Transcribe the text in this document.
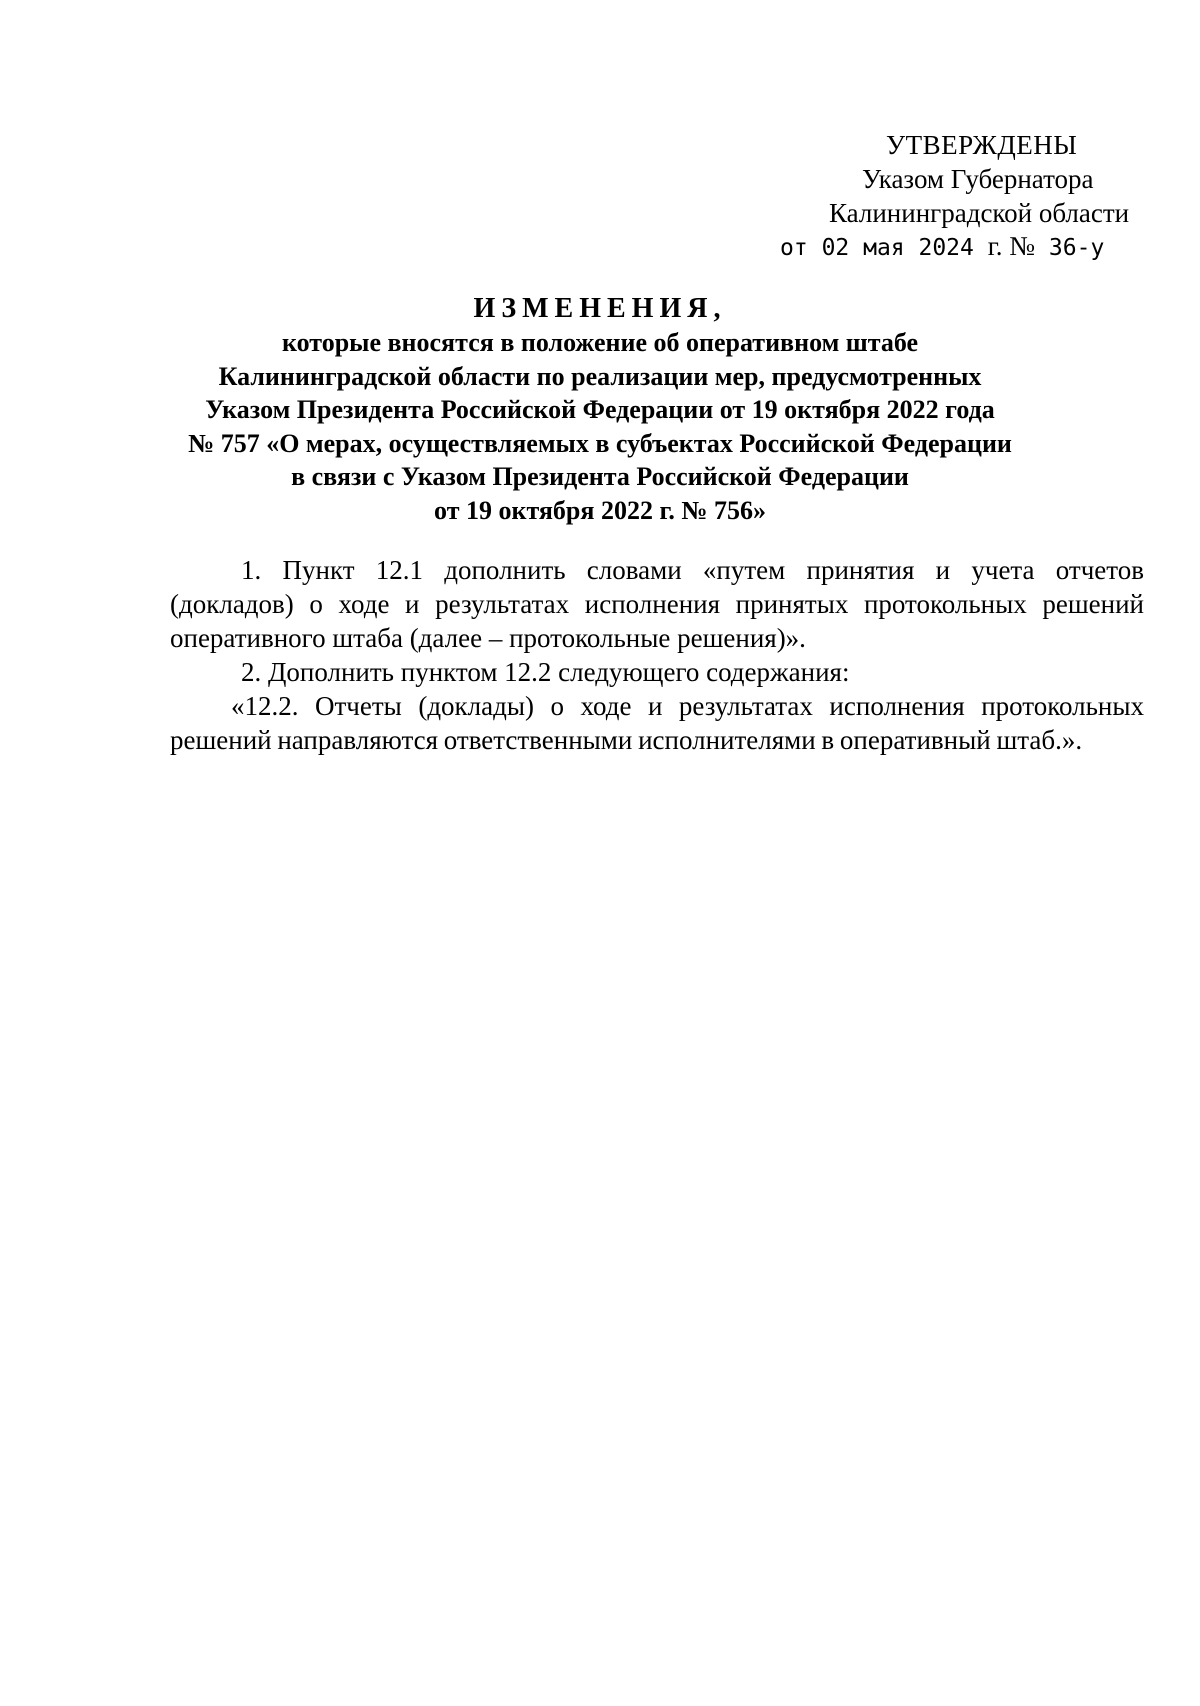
УТВЕРЖДЕНЫ
Указом Губернатора
Калининградской области
от 02 мая 2024 г. № 36-у
ИЗМЕНЕНИЯ,
которые вносятся в положение об оперативном штабе
Калининградской области по реализации мер, предусмотренных
Указом Президента Российской Федерации от 19 октября 2022 года
№ 757 «О мерах, осуществляемых в субъектах Российской Федерации
в связи с Указом Президента Российской Федерации
от 19 октября 2022 г. № 756»

1. Пункт 12.1 дополнить словами «путем принятия и учета отчетов (докладов) о ходе и результатах исполнения принятых протокольных решений оперативного штаба (далее – протокольные решения)».

2. Дополнить пунктом 12.2 следующего содержания:

«12.2. Отчеты (доклады) о ходе и результатах исполнения протокольных решений направляются ответственными исполнителями в оперативный штаб.».
